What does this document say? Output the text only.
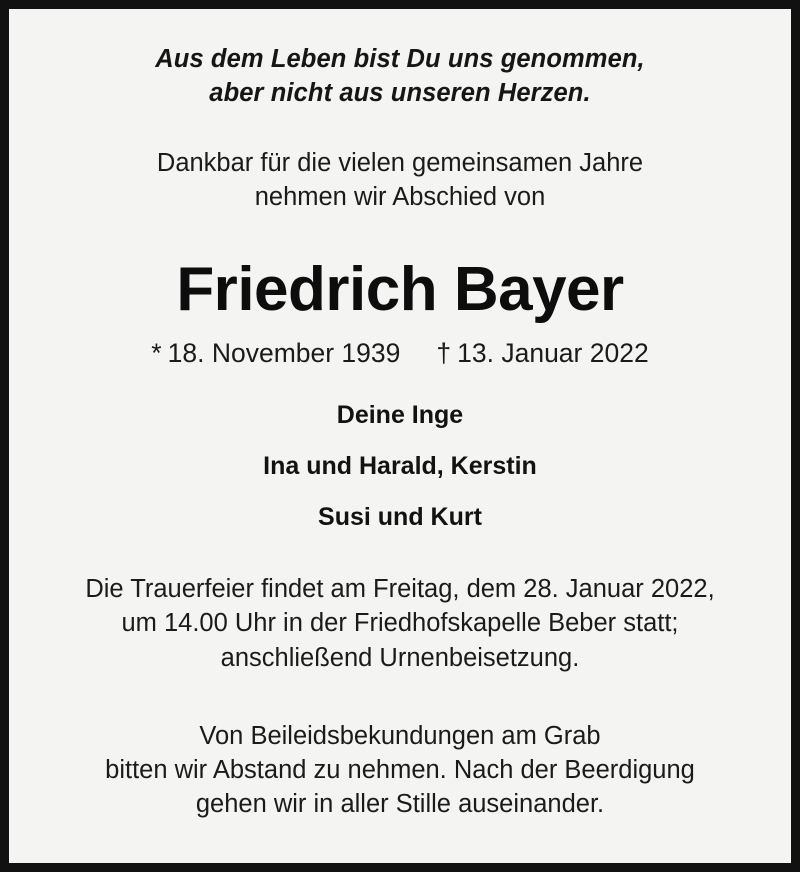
Aus dem Leben bist Du uns genommen,
aber nicht aus unseren Herzen.
Dankbar für die vielen gemeinsamen Jahre
nehmen wir Abschied von
Friedrich Bayer
* 18. November 1939 † 13. Januar 2022
Deine Inge
Ina und Harald, Kerstin
Susi und Kurt
Die Trauerfeier findet am Freitag, dem 28. Januar 2022,
um 14.00 Uhr in der Friedhofskapelle Beber statt;
anschließend Urnenbeisetzung.
Von Beileidsbekundungen am Grab
bitten wir Abstand zu nehmen. Nach der Beerdigung
gehen wir in aller Stille auseinander.
